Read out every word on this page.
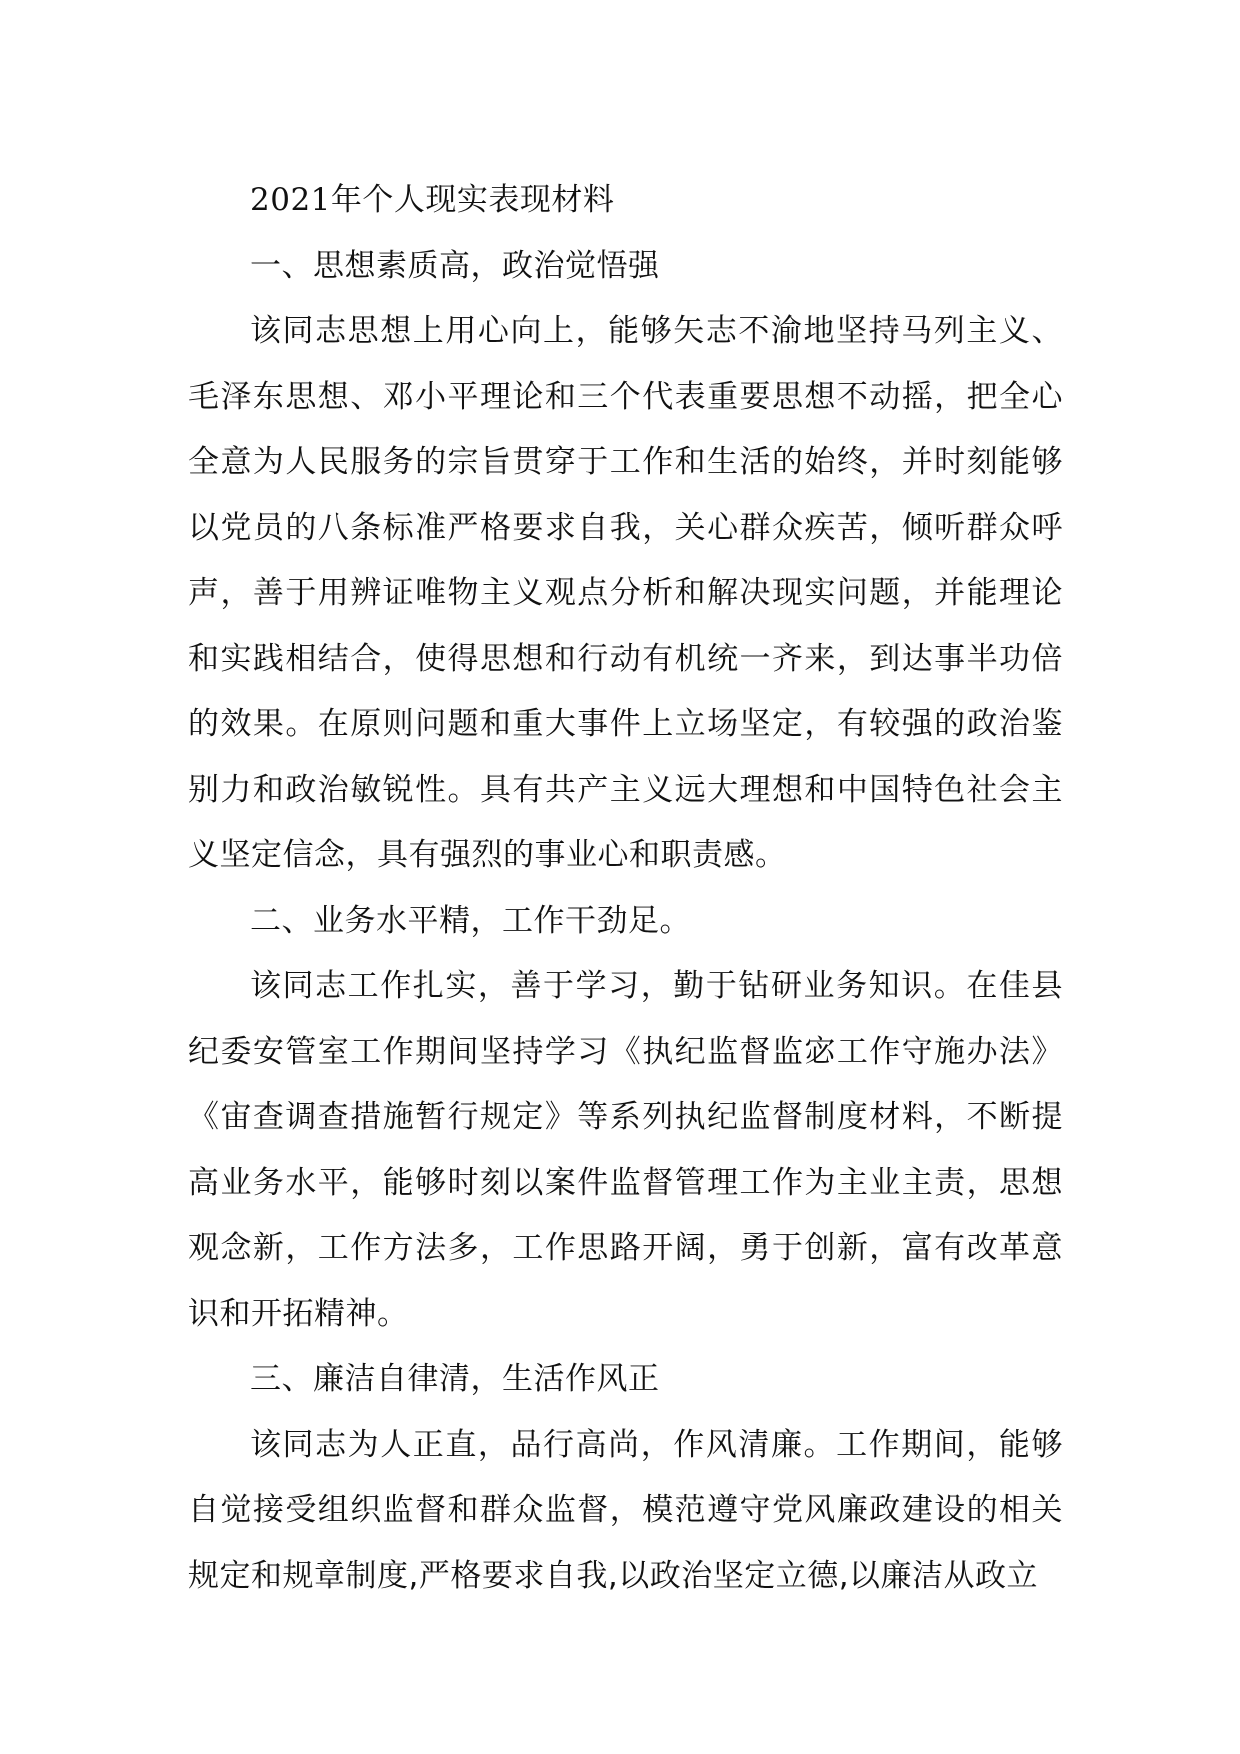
2021年个人现实表现材料

一、思想素质高，政治觉悟强

该同志思想上用心向上，能够矢志不渝地坚持马列主义、毛泽东思想、邓小平理论和三个代表重要思想不动摇，把全心全意为人民服务的宗旨贯穿于工作和生活的始终，并时刻能够以党员的八条标准严格要求自我，关心群众疾苦，倾听群众呼声，善于用辨证唯物主义观点分析和解决现实问题，并能理论和实践相结合，使得思想和行动有机统一齐来，到达事半功倍的效果。在原则问题和重大事件上立场坚定，有较强的政治鉴别力和政治敏锐性。具有共产主义远大理想和中国特色社会主义坚定信念，具有强烈的事业心和职责感。

二、业务水平精，工作干劲足。

该同志工作扎实，善于学习，勤于钻研业务知识。在佳县纪委安管室工作期间坚持学习《执纪监督监宓工作守施办法》《宙查调查措施暂行规定》等系列执纪监督制度材料，不断提高业务水平，能够时刻以案件监督管理工作为主业主责，思想观念新，工作方法多，工作思路开阔，勇于创新，富有改革意识和开拓精神。

三、廉洁自律清，生活作风正

该同志为人正直，品行高尚，作风清廉。工作期间，能够自觉接受组织监督和群众监督，模范遵守党风廉政建设的相关规定和规章制度,严格要求自我,以政治坚定立德,以廉洁从政立
